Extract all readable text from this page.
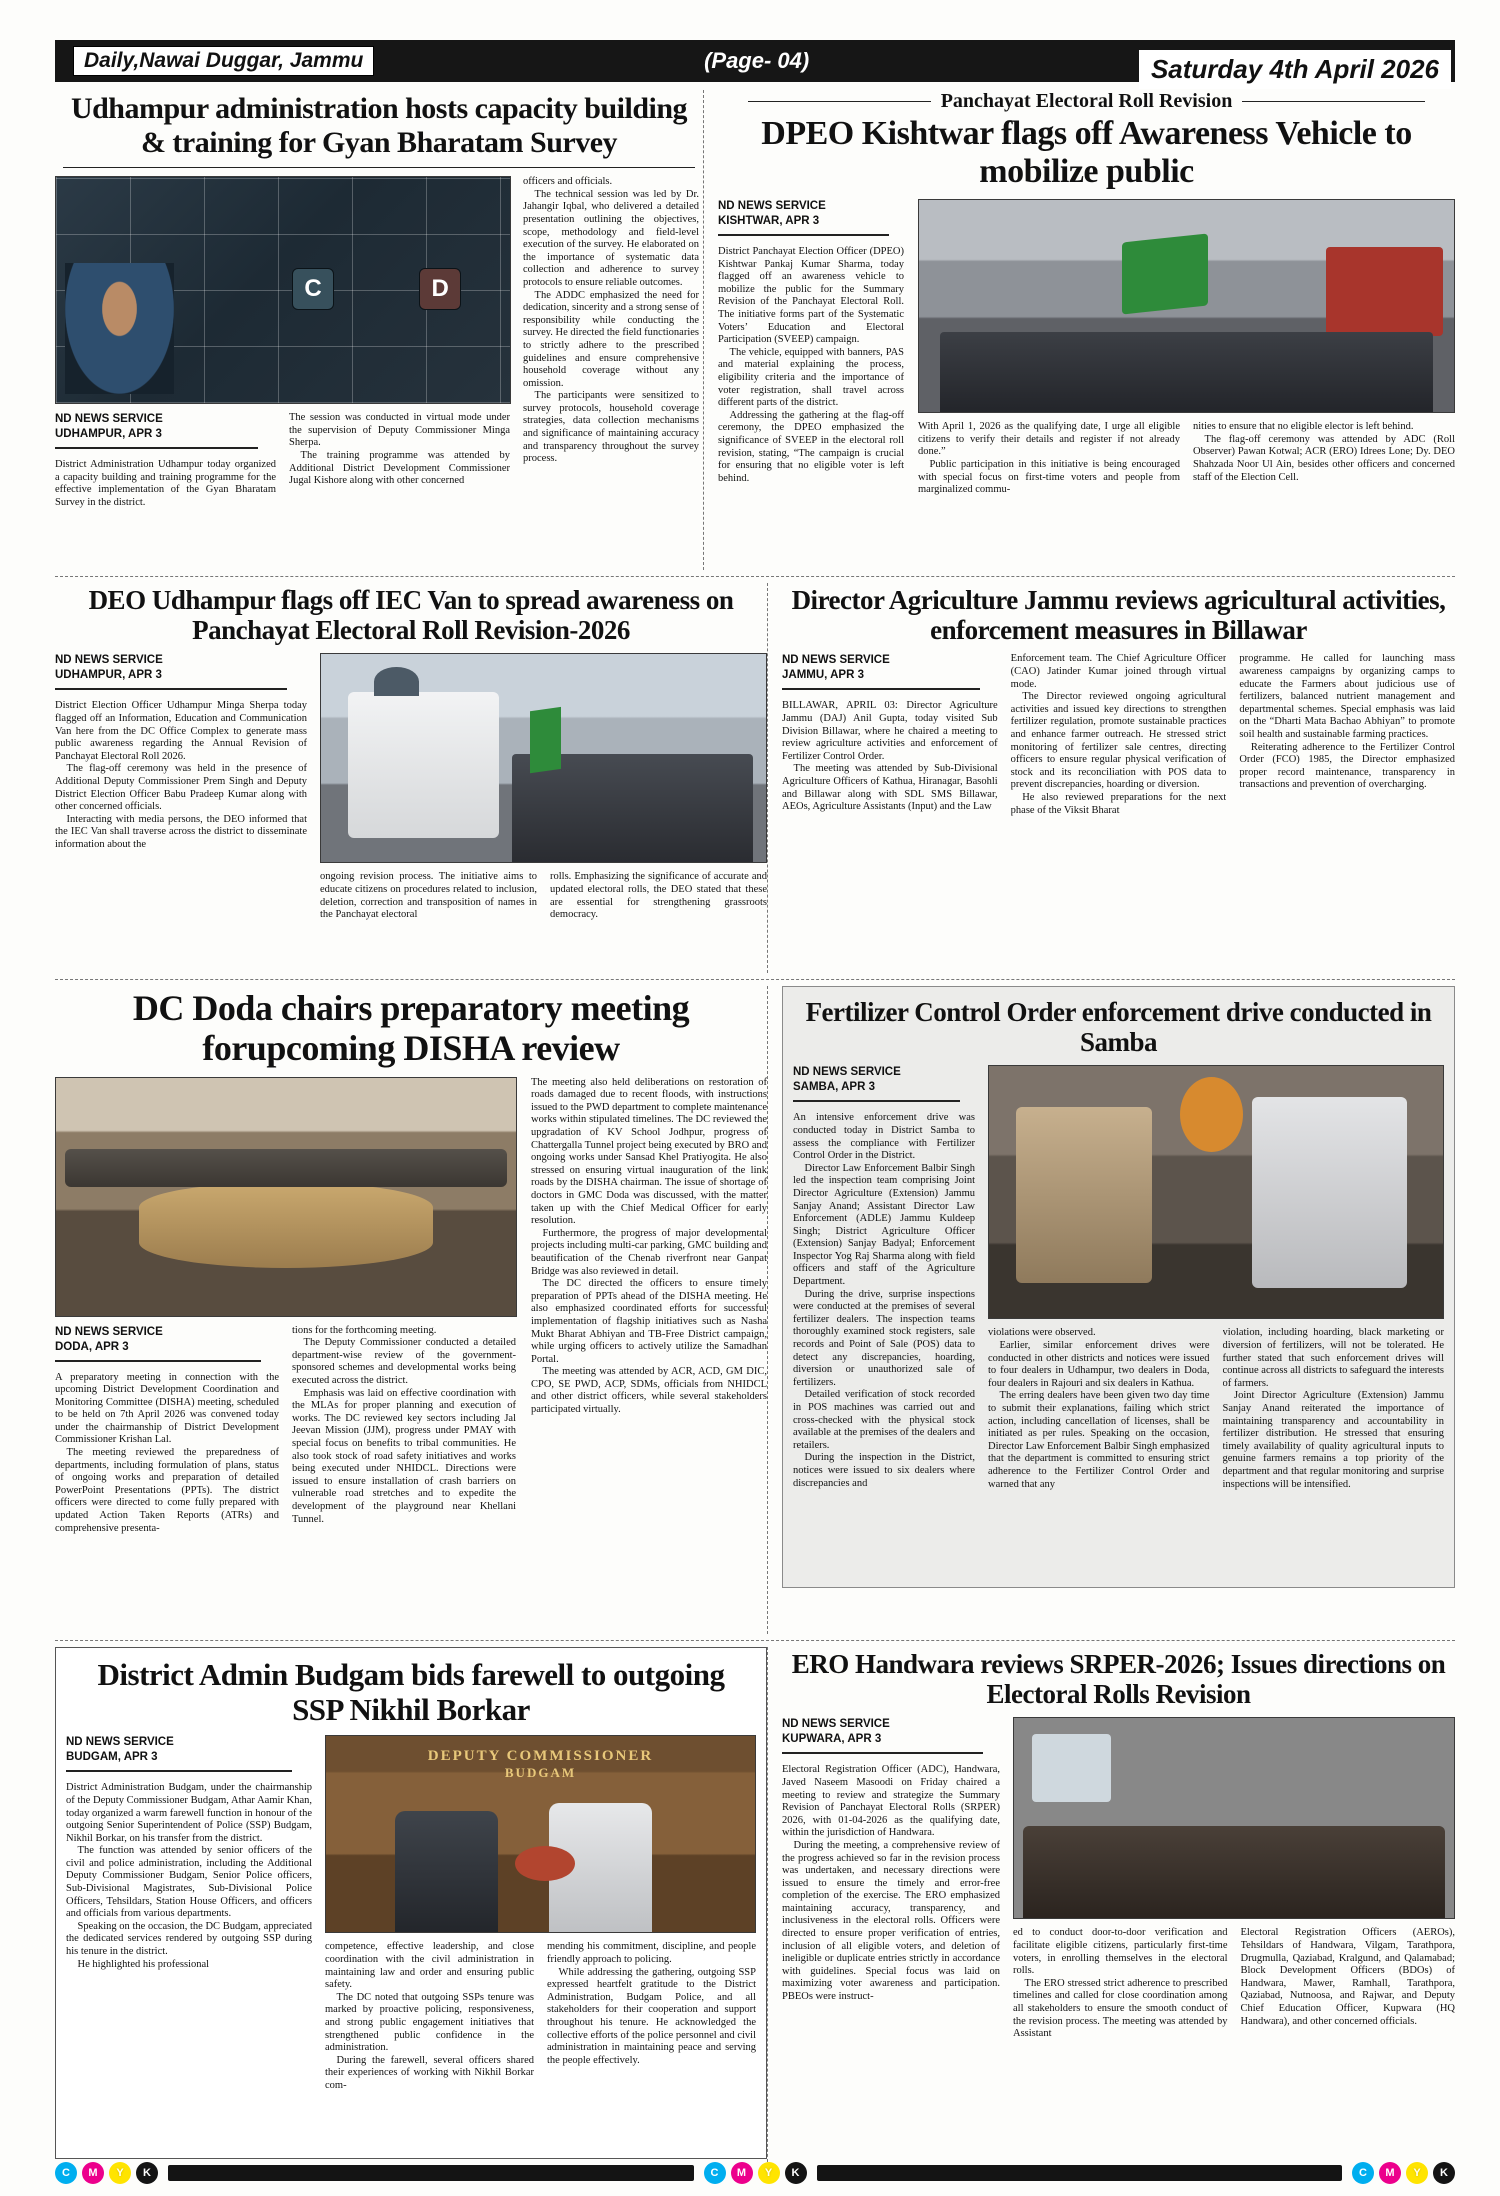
Daily,Nawai Duggar, Jammu	(Page- 04)	Saturday 4th April 2026
Udhampur administration hosts capacity building & training for Gyan Bharatam Survey
C	D
ND NEWS SERVICE
UDHAMPUR, APR 3

District Administration Udhampur today organized a capacity building and training programme for the effective implementation of the Gyan Bharatam Survey in the district.

The session was conducted in virtual mode under the supervision of Deputy Commissioner Minga Sherpa.

The training programme was attended by Additional District Development Commissioner Jugal Kishore along with other concerned

officers and officials.

The technical session was led by Dr. Jahangir Iqbal, who delivered a detailed presentation outlining the objectives, scope, methodology and field-level execution of the survey. He elaborated on the importance of systematic data collection and adherence to survey protocols to ensure reliable outcomes.

The ADDC emphasized the need for dedication, sincerity and a strong sense of responsibility while conducting the survey. He directed the field functionaries to strictly adhere to the prescribed guidelines and ensure comprehensive household coverage without any omission.

The participants were sensitized to survey protocols, household coverage strategies, data collection mechanisms and significance of maintaining accuracy and transparency throughout the survey process.

Panchayat Electoral Roll Revision
DPEO Kishtwar flags off Awareness Vehicle to mobilize public
ND NEWS SERVICE
KISHTWAR, APR 3

District Panchayat Election Officer (DPEO) Kishtwar Pankaj Kumar Sharma, today flagged off an awareness vehicle to mobilize the public for the Summary Revision of the Panchayat Electoral Roll. The initiative forms part of the Systematic Voters’ Education and Electoral Participation (SVEEP) campaign.

The vehicle, equipped with banners, PAS and material explaining the process, eligibility criteria and the importance of voter registration, shall travel across different parts of the district.

Addressing the gathering at the flag-off ceremony, the DPEO emphasized the significance of SVEEP in the electoral roll revision, stating, “The campaign is crucial for ensuring that no eligible voter is left behind.

With April 1, 2026 as the qualifying date, I urge all eligible citizens to verify their details and register if not already done.”

Public participation in this initiative is being encouraged with special focus on first-time voters and people from marginalized commu-

nities to ensure that no eligible elector is left behind.

The flag-off ceremony was attended by ADC (Roll Observer) Pawan Kotwal; ACR (ERO) Idrees Lone; Dy. DEO Shahzada Noor Ul Ain, besides other officers and concerned staff of the Election Cell.

DEO Udhampur flags off IEC Van to spread awareness on Panchayat Electoral Roll Revision-2026
ND NEWS SERVICE
UDHAMPUR, APR 3

District Election Officer Udhampur Minga Sherpa today flagged off an Information, Education and Communication Van here from the DC Office Complex to generate mass public awareness regarding the Annual Revision of Panchayat Electoral Roll 2026.

The flag-off ceremony was held in the presence of Additional Deputy Commissioner Prem Singh and Deputy District Election Officer Babu Pradeep Kumar along with other concerned officials.

Interacting with media persons, the DEO informed that the IEC Van shall traverse across the district to disseminate information about the

ongoing revision process. The initiative aims to educate citizens on procedures related to inclusion, deletion, correction and transposition of names in the Panchayat electoral

rolls. Emphasizing the significance of accurate and updated electoral rolls, the DEO stated that these are essential for strengthening grassroots democracy.

Director Agriculture Jammu reviews agricultural activities, enforcement measures in Billawar
ND NEWS SERVICE
JAMMU, APR 3

BILLAWAR, APRIL 03: Director Agriculture Jammu (DAJ) Anil Gupta, today visited Sub Division Billawar, where he chaired a meeting to review agriculture activities and enforcement of Fertilizer Control Order.

The meeting was attended by Sub-Divisional Agriculture Officers of Kathua, Hiranagar, Basohli and Billawar along with SDL SMS Billawar, AEOs, Agriculture Assistants (Input) and the Law

Enforcement team. The Chief Agriculture Officer (CAO) Jatinder Kumar joined through virtual mode.

The Director reviewed ongoing agricultural activities and issued key directions to strengthen fertilizer regulation, promote sustainable practices and enhance farmer outreach. He stressed strict monitoring of fertilizer sale centres, directing officers to ensure regular physical verification of stock and its reconciliation with POS data to prevent discrepancies, hoarding or diversion.

He also reviewed preparations for the next phase of the Viksit Bharat

programme. He called for launching mass awareness campaigns by organizing camps to educate the Farmers about judicious use of fertilizers, balanced nutrient management and departmental schemes. Special emphasis was laid on the “Dharti Mata Bachao Abhiyan” to promote soil health and sustainable farming practices.

Reiterating adherence to the Fertilizer Control Order (FCO) 1985, the Director emphasized proper record maintenance, transparency in transactions and prevention of overcharging.

DC Doda chairs preparatory meeting forupcoming DISHA review
ND NEWS SERVICE
DODA, APR 3

A preparatory meeting in connection with the upcoming District Development Coordination and Monitoring Committee (DISHA) meeting, scheduled to be held on 7th April 2026 was convened today under the chairmanship of District Development Commissioner Krishan Lal.

The meeting reviewed the preparedness of departments, including formulation of plans, status of ongoing works and preparation of detailed PowerPoint Presentations (PPTs). The district officers were directed to come fully prepared with updated Action Taken Reports (ATRs) and comprehensive presenta-

tions for the forthcoming meeting.

The Deputy Commissioner conducted a detailed department-wise review of the government-sponsored schemes and developmental works being executed across the district.

Emphasis was laid on effective coordination with the MLAs for proper planning and execution of works. The DC reviewed key sectors including Jal Jeevan Mission (JJM), progress under PMAY with special focus on benefits to tribal communities. He also took stock of road safety initiatives and works being executed under NHIDCL. Directions were issued to ensure installation of crash barriers on vulnerable road stretches and to expedite the development of the playground near Khellani Tunnel.

The meeting also held deliberations on restoration of roads damaged due to recent floods, with instructions issued to the PWD department to complete maintenance works within stipulated timelines. The DC reviewed the upgradation of KV School Jodhpur, progress of Chattergalla Tunnel project being executed by BRO and ongoing works under Sansad Khel Pratiyogita. He also stressed on ensuring virtual inauguration of the link roads by the DISHA chairman. The issue of shortage of doctors in GMC Doda was discussed, with the matter taken up with the Chief Medical Officer for early resolution.

Furthermore, the progress of major developmental projects including multi-car parking, GMC building and beautification of the Chenab riverfront near Ganpat Bridge was also reviewed in detail.

The DC directed the officers to ensure timely preparation of PPTs ahead of the DISHA meeting. He also emphasized coordinated efforts for successful implementation of flagship initiatives such as Nasha Mukt Bharat Abhiyan and TB-Free District campaign, while urging officers to actively utilize the Samadhan Portal.

The meeting was attended by ACR, ACD, GM DIC, CPO, SE PWD, ACP, SDMs, officials from NHIDCL and other district officers, while several stakeholders participated virtually.

Fertilizer Control Order enforcement drive conducted in Samba
ND NEWS SERVICE
SAMBA, APR 3

An intensive enforcement drive was conducted today in District Samba to assess the compliance with Fertilizer Control Order in the District.

Director Law Enforcement Balbir Singh led the inspection team comprising Joint Director Agriculture (Extension) Jammu Sanjay Anand; Assistant Director Law Enforcement (ADLE) Jammu Kuldeep Singh; District Agriculture Officer (Extension) Sanjay Badyal; Enforcement Inspector Yog Raj Sharma along with field officers and staff of the Agriculture Department.

During the drive, surprise inspections were conducted at the premises of several fertilizer dealers. The inspection teams thoroughly examined stock registers, sale records and Point of Sale (POS) data to detect any discrepancies, hoarding, diversion or unauthorized sale of fertilizers.

Detailed verification of stock recorded in POS machines was carried out and cross-checked with the physical stock available at the premises of the dealers and retailers.

During the inspection in the District, notices were issued to six dealers where discrepancies and

violations were observed.

Earlier, similar enforcement drives were conducted in other districts and notices were issued to four dealers in Udhampur, two dealers in Doda, four dealers in Rajouri and six dealers in Kathua.

The erring dealers have been given two day time to submit their explanations, failing which strict action, including cancellation of licenses, shall be initiated as per rules. Speaking on the occasion, Director Law Enforcement Balbir Singh emphasized that the department is committed to ensuring strict adherence to the Fertilizer Control Order and warned that any

violation, including hoarding, black marketing or diversion of fertilizers, will not be tolerated. He further stated that such enforcement drives will continue across all districts to safeguard the interests of farmers.

Joint Director Agriculture (Extension) Jammu Sanjay Anand reiterated the importance of maintaining transparency and accountability in fertilizer distribution. He stressed that ensuring timely availability of quality agricultural inputs to genuine farmers remains a top priority of the department and that regular monitoring and surprise inspections will be intensified.

District Admin Budgam bids farewell to outgoing SSP Nikhil Borkar
ND NEWS SERVICE
BUDGAM, APR 3

District Administration Budgam, under the chairmanship of the Deputy Commissioner Budgam, Athar Aamir Khan, today organized a warm farewell function in honour of the outgoing Senior Superintendent of Police (SSP) Budgam, Nikhil Borkar, on his transfer from the district.

The function was attended by senior officers of the civil and police administration, including the Additional Deputy Commissioner Budgam, Senior Police officers, Sub-Divisional Magistrates, Sub-Divisional Police Officers, Tehsildars, Station House Officers, and officers and officials from various departments.

Speaking on the occasion, the DC Budgam, appreciated the dedicated services rendered by outgoing SSP during his tenure in the district.

He highlighted his professional

DEPUTY COMMISSIONER
BUDGAM

competence, effective leadership, and close coordination with the civil administration in maintaining law and order and ensuring public safety.

The DC noted that outgoing SSPs tenure was marked by proactive policing, responsiveness, and strong public engagement initiatives that strengthened public confidence in the administration.

During the farewell, several officers shared their experiences of working with Nikhil Borkar com-

mending his commitment, discipline, and people friendly approach to policing.

While addressing the gathering, outgoing SSP expressed heartfelt gratitude to the District Administration, Budgam Police, and all stakeholders for their cooperation and support throughout his tenure. He acknowledged the collective efforts of the police personnel and civil administration in maintaining peace and serving the people effectively.

ERO Handwara reviews SRPER-2026; Issues directions on Electoral Rolls Revision
ND NEWS SERVICE
KUPWARA, APR 3

Electoral Registration Officer (ADC), Handwara, Javed Naseem Masoodi on Friday chaired a meeting to review and strategize the Summary Revision of Panchayat Electoral Rolls (SRPER) 2026, with 01-04-2026 as the qualifying date, within the jurisdiction of Handwara.

During the meeting, a comprehensive review of the progress achieved so far in the revision process was undertaken, and necessary directions were issued to ensure the timely and error-free completion of the exercise. The ERO emphasized maintaining accuracy, transparency, and inclusiveness in the electoral rolls. Officers were directed to ensure proper verification of entries, inclusion of all eligible voters, and deletion of ineligible or duplicate entries strictly in accordance with guidelines. Special focus was laid on maximizing voter awareness and participation. PBEOs were instruct-

ed to conduct door-to-door verification and facilitate eligible citizens, particularly first-time voters, in enrolling themselves in the electoral rolls.

The ERO stressed strict adherence to prescribed timelines and called for close coordination among all stakeholders to ensure the smooth conduct of the revision process. The meeting was attended by Assistant

Electoral Registration Officers (AEROs), Tehsildars of Handwara, Vilgam, Tarathpora, Drugmulla, Qaziabad, Kralgund, and Qalamabad; Block Development Officers (BDOs) of Handwara, Mawer, Ramhall, Tarathpora, Qaziabad, Nutnoosa, and Rajwar, and Deputy Chief Education Officer, Kupwara (HQ Handwara), and other concerned officials.

C	M	Y	K	C	M	Y	K	C	M	Y	K
